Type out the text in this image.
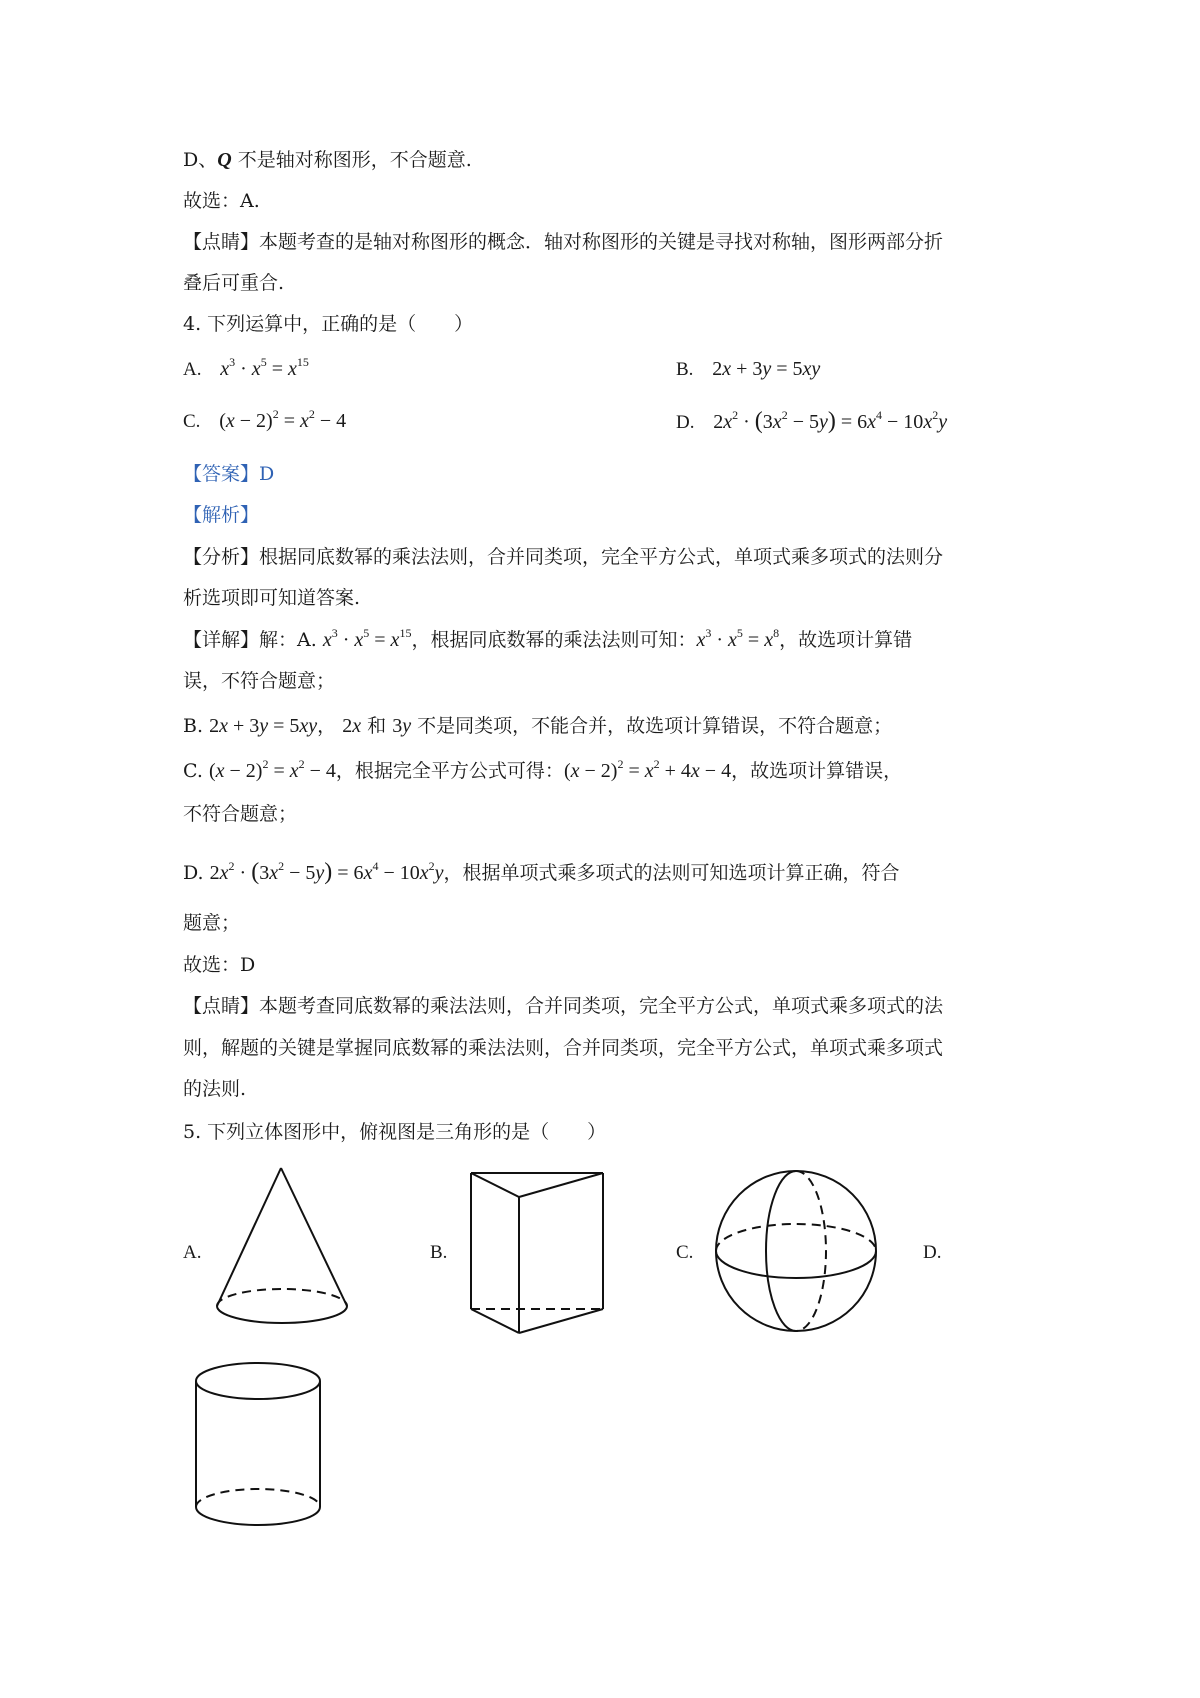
D、Q 不是轴对称图形，不合题意.
故选：A.
【点睛】本题考查的是轴对称图形的概念．轴对称图形的关键是寻找对称轴，图形两部分折
叠后可重合.
4. 下列运算中，正确的是（　　）
A. $x^3 \cdot x^5 = x^{15}$	B. 2x + 3y = 5xy
C. $(x - 2)^2 = x^2 - 4$	D. $2x^2 \cdot (3x^2 - 5y) = 6x^4 - 10x^2y$
【答案】D
【解析】
【分析】根据同底数幂的乘法法则，合并同类项，完全平方公式，单项式乘多项式的法则分
析选项即可知道答案.
【详解】解：A. $x^3 \cdot x^5 = x^{15}$，根据同底数幂的乘法法则可知：$x^3 \cdot x^5 = x^8$，故选项计算错
误，不符合题意；
B. 2x + 3y = 5xy， 2x 和 3y 不是同类项，不能合并，故选项计算错误，不符合题意；
C. $(x - 2)^2 = x^2 - 4$，根据完全平方公式可得：$(x - 2)^2 = x^2 + 4x - 4$，故选项计算错误，
不符合题意；
D. $2x^2 \cdot (3x^2 - 5y) = 6x^4 - 10x^2y$，根据单项式乘多项式的法则可知选项计算正确，符合
题意；
故选：D
【点睛】本题考查同底数幂的乘法法则，合并同类项，完全平方公式，单项式乘多项式的法
则，解题的关键是掌握同底数幂的乘法法则，合并同类项，完全平方公式，单项式乘多项式
的法则.
5. 下列立体图形中，俯视图是三角形的是（　　）
A.	B.	C.	D.
